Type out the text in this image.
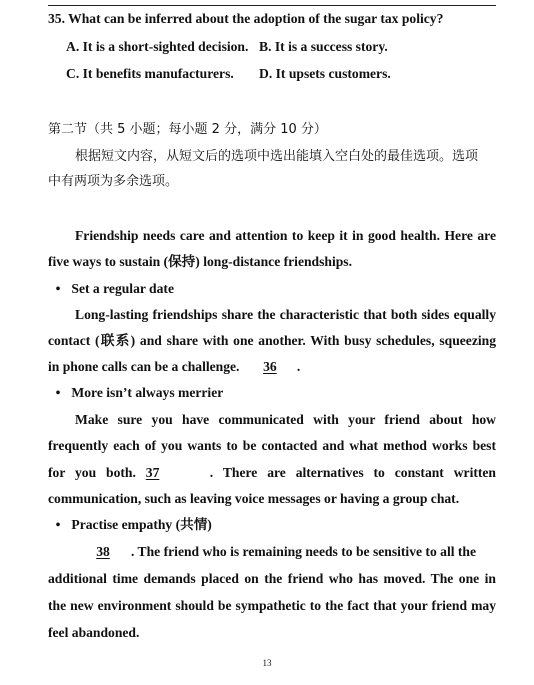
35. What can be inferred about the adoption of the sugar tax policy?
A. It is a short-sighted decision. B. It is a success story.
C. It benefits manufacturers. D. It upsets customers.
第二节（共 5 小题；每小题 2 分，满分 10 分）
根据短文内容，从短文后的选项中选出能填入空白处的最佳选项。选项
中有两项为多余选项。
Friendship needs care and attention to keep it in good health. Here are
five ways to sustain (保持) long-distance friendships.
• Set a regular date
Long-lasting friendships share the characteristic that both sides equally
contact (联系) and share with one another. With busy schedules, squeezing
in phone calls can be a challenge. 36 .
• More isn’t always merrier
Make sure you have communicated with your friend about how
frequently each of you wants to be contacted and what method works best
for you both. 37	. There are alternatives to constant written
communication, such as leaving voice messages or having a group chat.
• Practise empathy (共情)
38 . The friend who is remaining needs to be sensitive to all the
additional time demands placed on the friend who has moved. The one in
the new environment should be sympathetic to the fact that your friend may
feel abandoned.
13
